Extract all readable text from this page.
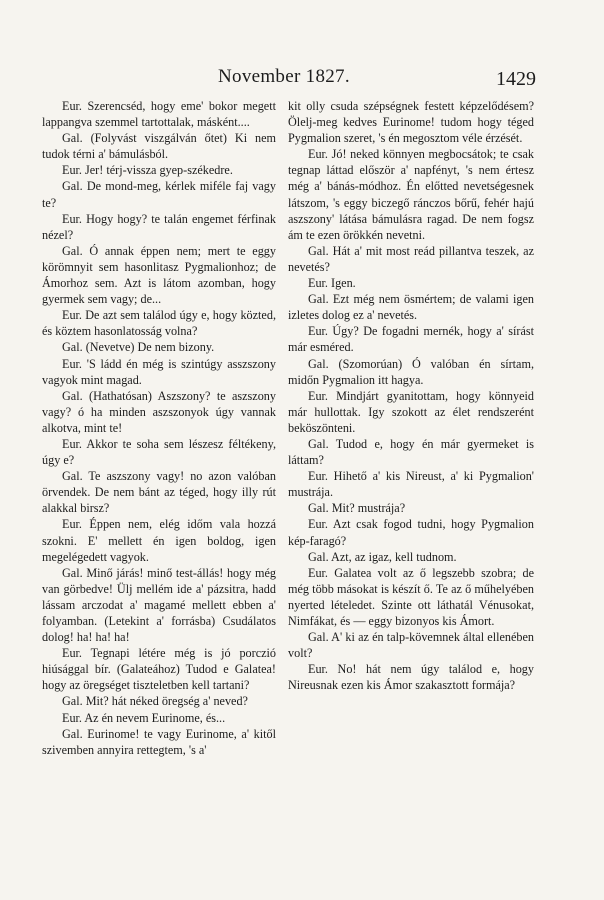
November 1827.	1429

Eur. Szerencséd, hogy eme' bokor megett lappangva szemmel tartottalak, másként....

Gal. (Folyvást viszgálván őtet) Ki nem tudok térni a' bámulásból.

Eur. Jer! térj-vissza gyep-székedre.

Gal. De mond-meg, kérlek miféle faj vagy te?

Eur. Hogy hogy? te talán engemet férfinak nézel?

Gal. Ó annak éppen nem; mert te eggy körömnyit sem hasonlitasz Pygmalionhoz; de Ámorhoz sem. Azt is látom azomban, hogy gyermek sem vagy; de...

Eur. De azt sem találod úgy e, hogy közted, és köztem hasonlatosság volna?

Gal. (Nevetve) De nem bizony.

Eur. 'S ládd én még is szintúgy asszszony vagyok mint magad.

Gal. (Hathatósan) Aszszony? te aszszony vagy? ó ha minden aszszonyok úgy vannak alkotva, mint te!

Eur. Akkor te soha sem lészesz féltékeny, úgy e?

Gal. Te aszszony vagy! no azon valóban örvendek. De nem bánt az téged, hogy illy rút alakkal birsz?

Eur. Éppen nem, elég időm vala hozzá szokni. E' mellett én igen boldog, igen megelégedett vagyok.

Gal. Minő járás! minő test-állás! hogy még van görbedve! Ülj mellém ide a' pázsitra, hadd lássam arczodat a' magamé mellett ebben a' folyamban. (Letekint a' forrásba) Csudálatos dolog! ha! ha! ha!

Eur. Tegnapi létére még is jó porczió hiúsággal bír. (Galateához) Tudod e Galatea! hogy az öregséget tiszteletben kell tartani?

Gal. Mit? hát néked öregség a' neved?

Eur. Az én nevem Eurinome, és...

Gal. Eurinome! te vagy Eurinome, a' kitől szivemben annyira rettegtem, 's a'

kit olly csuda szépségnek festett képzelődésem? Ölelj-meg kedves Eurinome! tudom hogy téged Pygmalion szeret, 's én megosztom véle érzését.

Eur. Jó! neked könnyen megbocsátok; te csak tegnap láttad először a' napfényt, 's nem értesz még a' bánás-módhoz. Én előtted nevetségesnek látszom, 's eggy biczegő ránczos bőrű, fehér hajú aszszony' látása bámulásra ragad. De nem fogsz ám te ezen örökkén nevetni.

Gal. Hát a' mit most reád pillantva teszek, az nevetés?

Eur. Igen.

Gal. Ezt még nem ösmértem; de valami igen izletes dolog ez a' nevetés.

Eur. Úgy? De fogadni mernék, hogy a' sírást már esméred.

Gal. (Szomorúan) Ó valóban én sírtam, midőn Pygmalion itt hagya.

Eur. Mindjárt gyanitottam, hogy könnyeid már hullottak. Igy szokott az élet rendszerént beköszönteni.

Gal. Tudod e, hogy én már gyermeket is láttam?

Eur. Hihető a' kis Nireust, a' ki Pygmalion' mustrája.

Gal. Mit? mustrája?

Eur. Azt csak fogod tudni, hogy Pygmalion kép-faragó?

Gal. Azt, az igaz, kell tudnom.

Eur. Galatea volt az ő legszebb szobra; de még több másokat is készít ő. Te az ő műhelyében nyerted lételedet. Szinte ott láthatál Vénusokat, Nimfákat, és — eggy bizonyos kis Ámort.

Gal. A' ki az én talp-kövemnek által ellenében volt?

Eur. No! hát nem úgy találod e, hogy Nireusnak ezen kis Ámor szakasztott formája?
